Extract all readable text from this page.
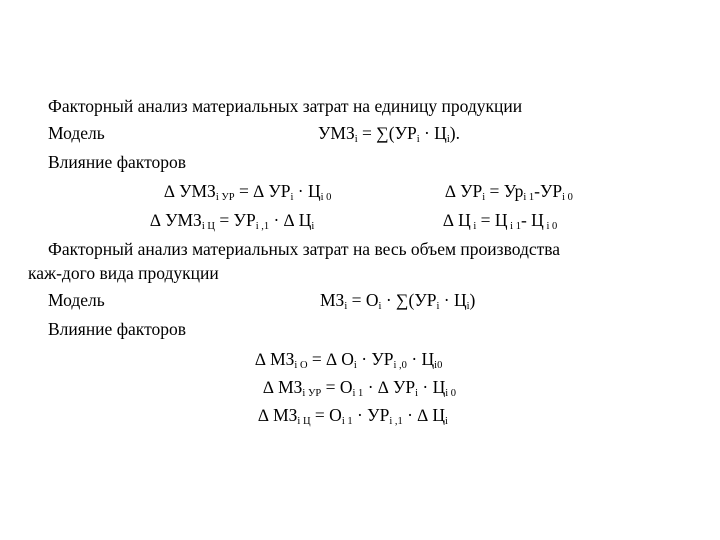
Факторный анализ материальных затрат на единицу продукции
Модель	$УМЗ_i = \sum(УР_i \cdot Ц_i)$.
Влияние факторов
∆ $УМЗ_{i УР}$ = ∆ $УР_i \cdot Ц_{i 0}$	∆ $УР_i = Ур_{i 1}-УР_{i 0}$
∆ $УМЗ_{i Ц} = УР_{i ,1}$ · ∆ $Ц_i$	∆ Ц $_i$ = Ц $_{i 1}$- Ц $_{i 0}$
Факторный анализ материальных затрат на весь объем производства
каж-дого вида продукции
Модель	$МЗ_i = О_i \cdot \sum(УР_i \cdot Ц_i)$
Влияние факторов
∆ $МЗ_{i О}$ = ∆ $О_i \cdot УР_{i ,0} \cdot Ц_{i0}$
∆ $МЗ_{i УР} = О_{i 1}$ · ∆ $УР_i \cdot Ц_{i 0}$
∆ $МЗ_{i Ц} = О_{i 1} \cdot УР_{i ,1}$ · ∆ $Ц_i$
